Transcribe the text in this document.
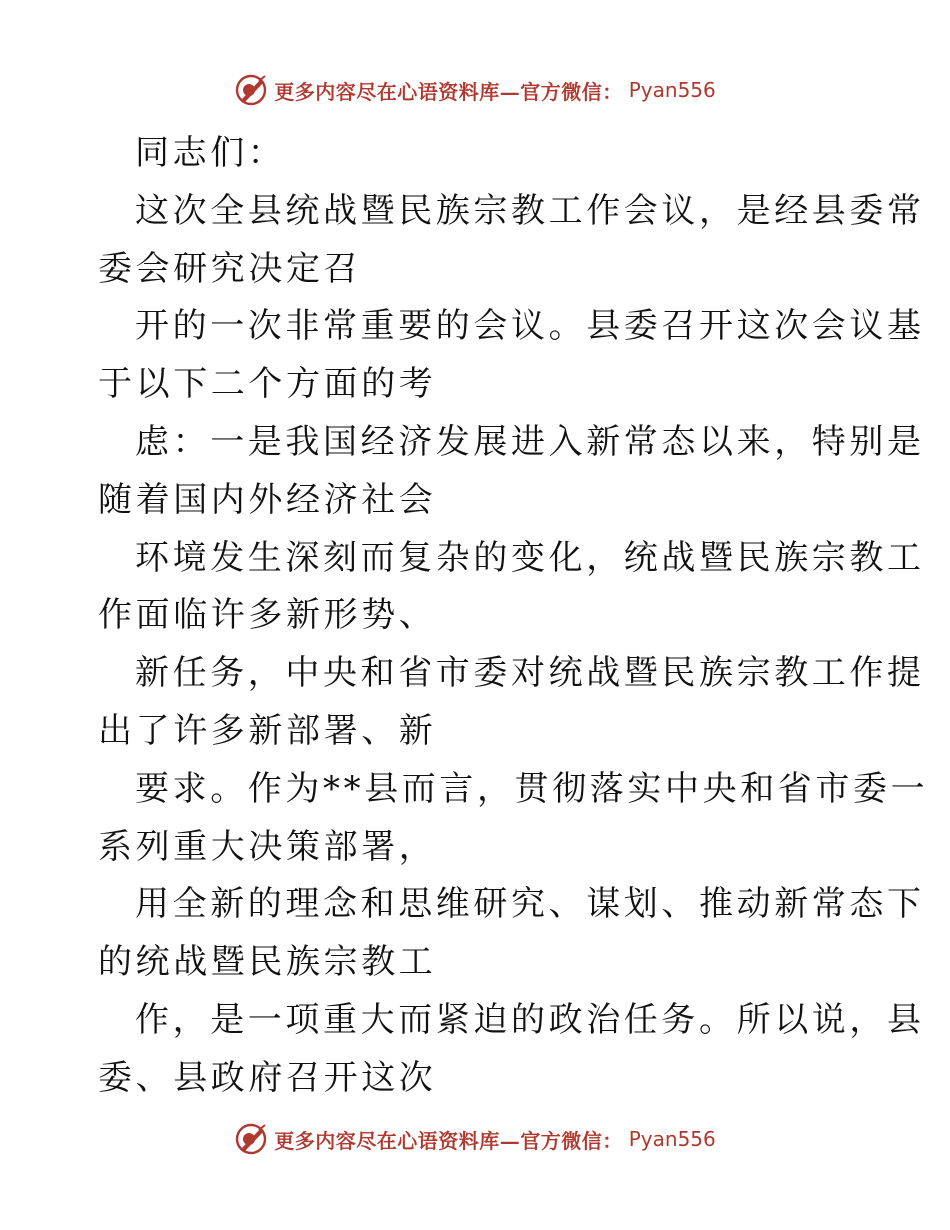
更多内容尽在心语资料库—官方微信： Pyan556
同志们：
这次全县统战暨民族宗教工作会议，是经县委常
委会研究决定召
开的一次非常重要的会议。县委召开这次会议基
于以下二个方面的考
虑：一是我国经济发展进入新常态以来，特别是
随着国内外经济社会
环境发生深刻而复杂的变化，统战暨民族宗教工
作面临许多新形势、
新任务，中央和省市委对统战暨民族宗教工作提
出了许多新部署、新
要求。作为**县而言，贯彻落实中央和省市委一
系列重大决策部署，
用全新的理念和思维研究、谋划、推动新常态下
的统战暨民族宗教工
作，是一项重大而紧迫的政治任务。所以说，县
委、县政府召开这次
更多内容尽在心语资料库—官方微信： Pyan556
